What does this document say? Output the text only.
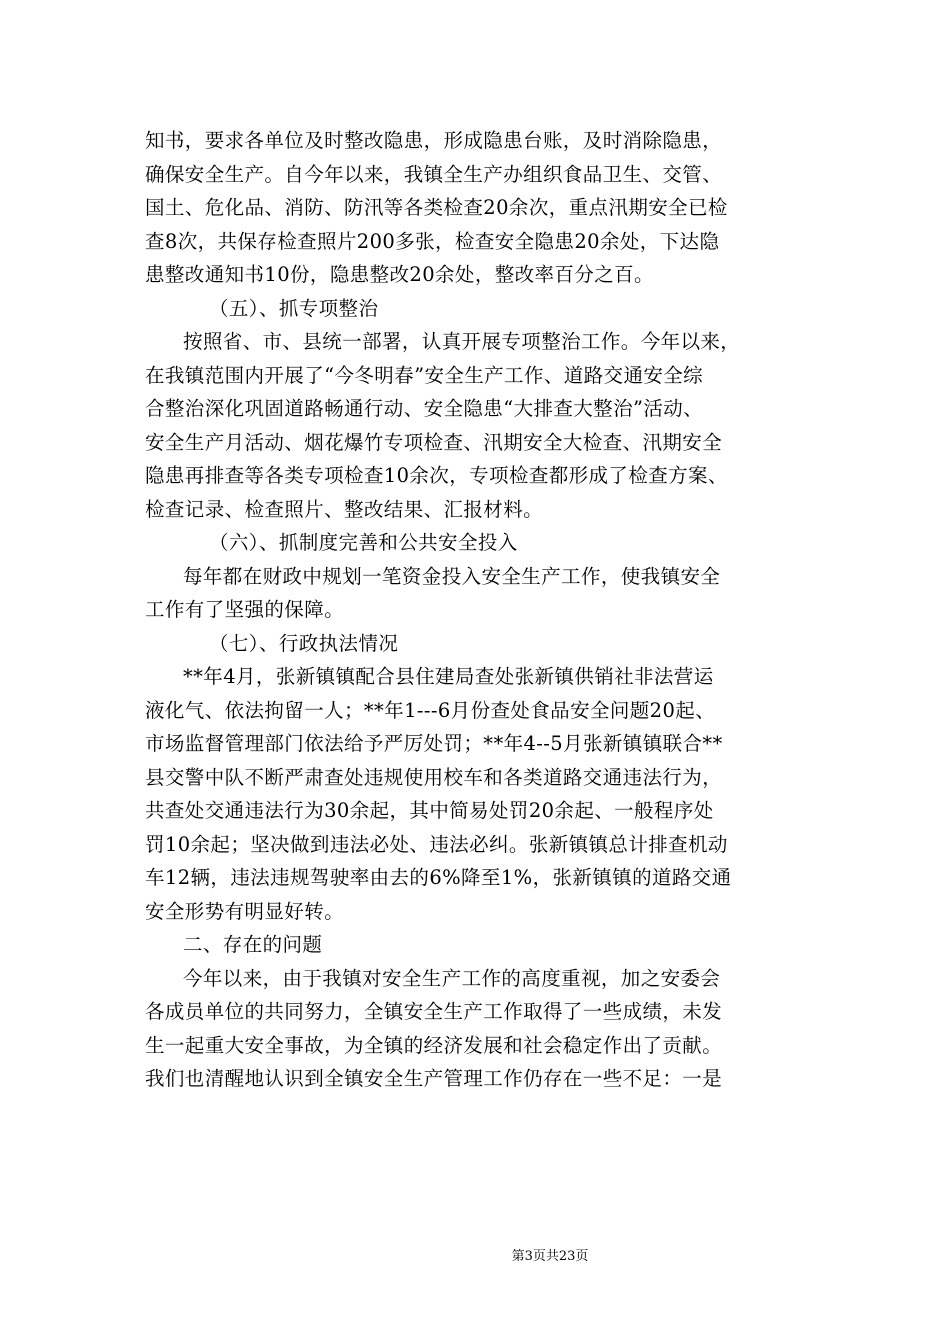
知书，要求各单位及时整改隐患，形成隐患台账，及时消除隐患，
确保安全生产。自今年以来，我镇全生产办组织食品卫生、交管、
国土、危化品、消防、防汛等各类检查20余次，重点汛期安全已检
查8次，共保存检查照片200多张，检查安全隐患20余处，下达隐
患整改通知书10份，隐患整改20余处，整改率百分之百。
（五）、抓专项整治
按照省、市、县统一部署，认真开展专项整治工作。今年以来，
在我镇范围内开展了“今冬明春”安全生产工作、道路交通安全综
合整治深化巩固道路畅通行动、安全隐患“大排查大整治”活动、
安全生产月活动、烟花爆竹专项检查、汛期安全大检查、汛期安全
隐患再排查等各类专项检查10余次，专项检查都形成了检查方案、
检查记录、检查照片、整改结果、汇报材料。
（六）、抓制度完善和公共安全投入
每年都在财政中规划一笔资金投入安全生产工作，使我镇安全
工作有了坚强的保障。
（七）、行政执法情况
**年4月，张新镇镇配合县住建局查处张新镇供销社非法营运
液化气、依法拘留一人；**年1---6月份查处食品安全问题20起、
市场监督管理部门依法给予严厉处罚；**年4--5月张新镇镇联合**
县交警中队不断严肃查处违规使用校车和各类道路交通违法行为，
共查处交通违法行为30余起，其中简易处罚20余起、一般程序处
罚10余起；坚决做到违法必处、违法必纠。张新镇镇总计排查机动
车12辆，违法违规驾驶率由去的6%降至1%，张新镇镇的道路交通
安全形势有明显好转。
二、存在的问题
今年以来，由于我镇对安全生产工作的高度重视，加之安委会
各成员单位的共同努力，全镇安全生产工作取得了一些成绩，未发
生一起重大安全事故，为全镇的经济发展和社会稳定作出了贡献。
我们也清醒地认识到全镇安全生产管理工作仍存在一些不足：一是
第3页共23页
